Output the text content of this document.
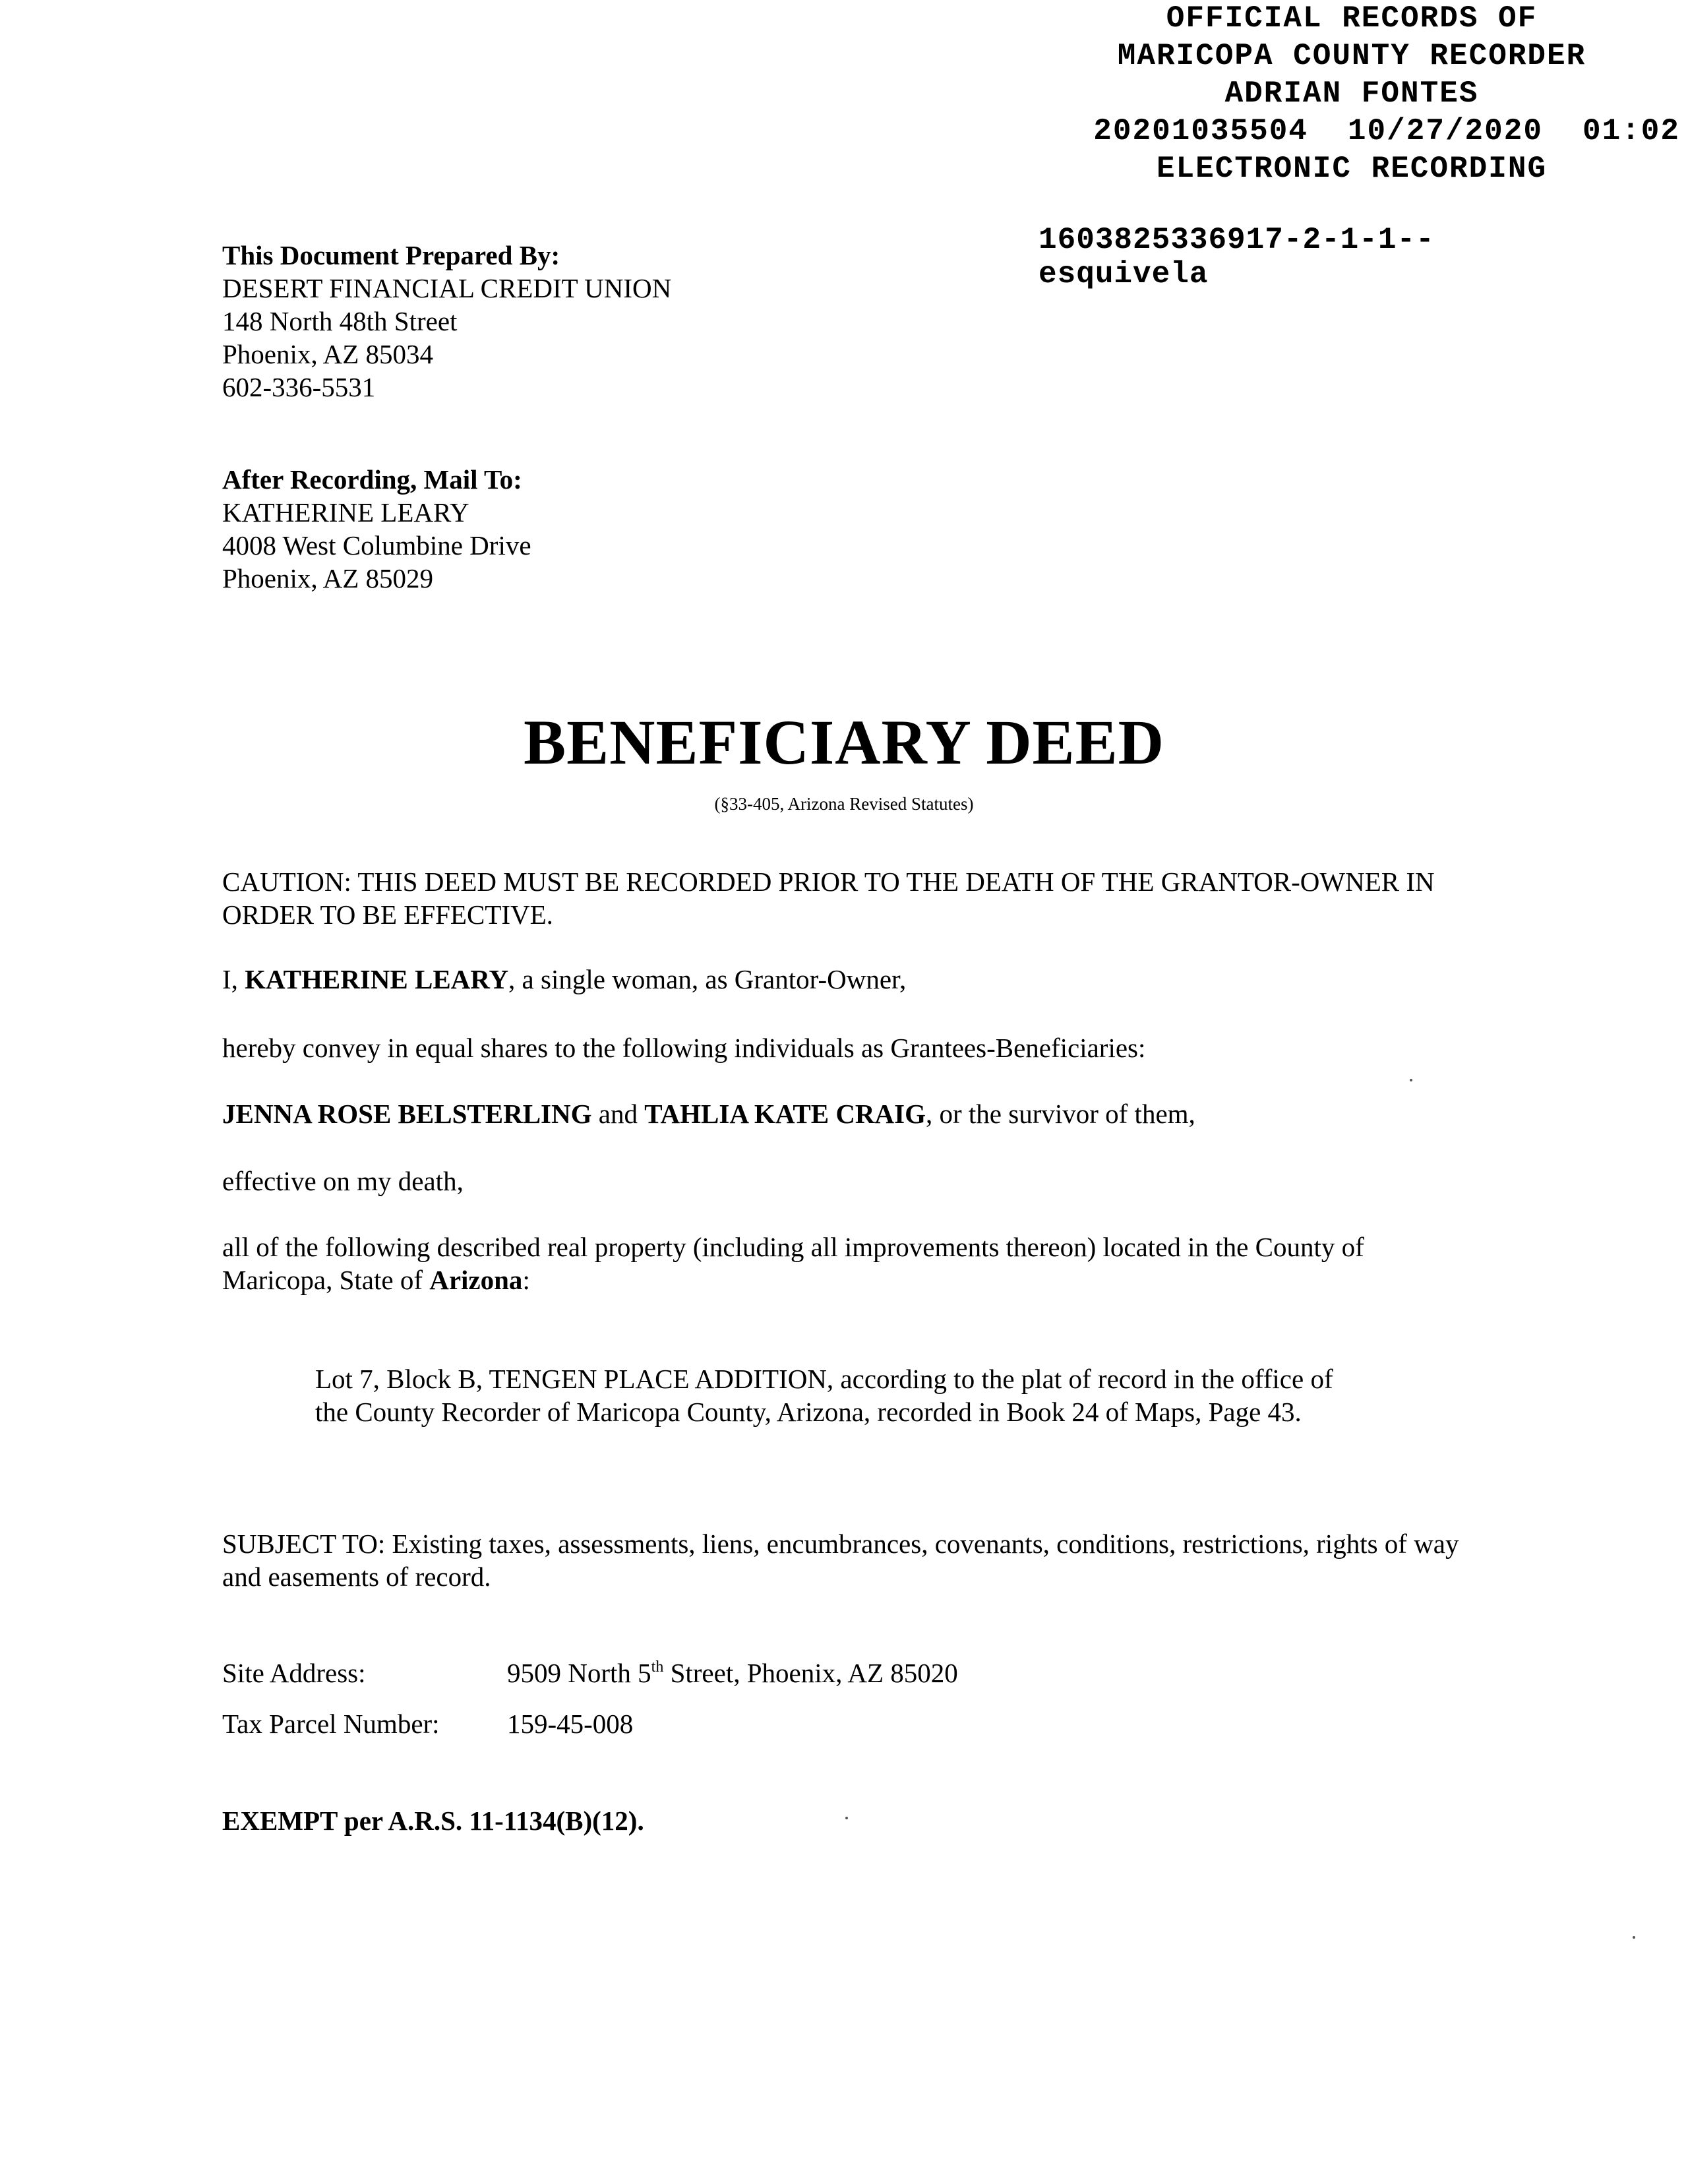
OFFICIAL RECORDS OF
MARICOPA COUNTY RECORDER
ADRIAN FONTES
20201035504 10/27/2020 01:02
ELECTRONIC RECORDING
1603825336917-2-1-1--
esquivela
This Document Prepared By:
DESERT FINANCIAL CREDIT UNION
148 North 48th Street
Phoenix, AZ 85034
602-336-5531
After Recording, Mail To:
KATHERINE LEARY
4008 West Columbine Drive
Phoenix, AZ 85029
BENEFICIARY DEED
(§33-405, Arizona Revised Statutes)
CAUTION: THIS DEED MUST BE RECORDED PRIOR TO THE DEATH OF THE GRANTOR-OWNER IN ORDER TO BE EFFECTIVE.
I, KATHERINE LEARY, a single woman, as Grantor-Owner,
hereby convey in equal shares to the following individuals as Grantees-Beneficiaries:
JENNA ROSE BELSTERLING and TAHLIA KATE CRAIG, or the survivor of them,
effective on my death,
all of the following described real property (including all improvements thereon) located in the County of Maricopa, State of Arizona:
Lot 7, Block B, TENGEN PLACE ADDITION, according to the plat of record in the office of the County Recorder of Maricopa County, Arizona, recorded in Book 24 of Maps, Page 43.
SUBJECT TO: Existing taxes, assessments, liens, encumbrances, covenants, conditions, restrictions, rights of way and easements of record.
Site Address:	9509 North 5th Street, Phoenix, AZ 85020
Tax Parcel Number: 159-45-008
EXEMPT per A.R.S. 11-1134(B)(12).
